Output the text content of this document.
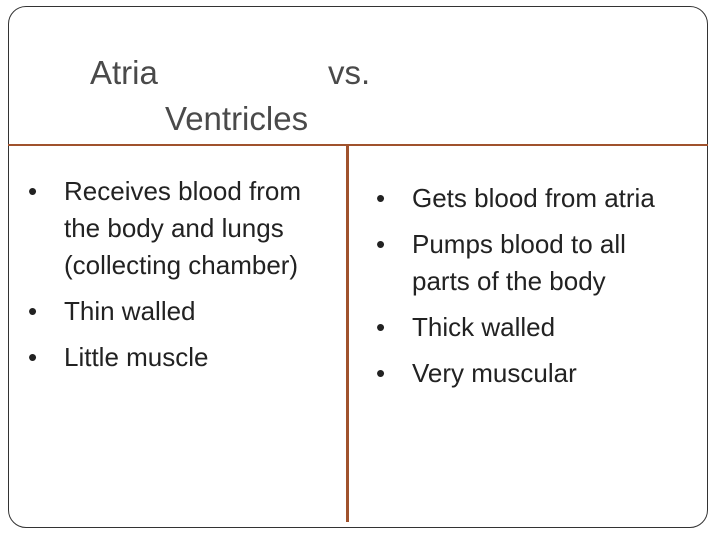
Atria	vs.
Ventricles
• Receives blood from the body and lungs (collecting chamber)
• Thin walled
• Little muscle
• Gets blood from atria
• Pumps blood to all parts of the body
• Thick walled
• Very muscular
